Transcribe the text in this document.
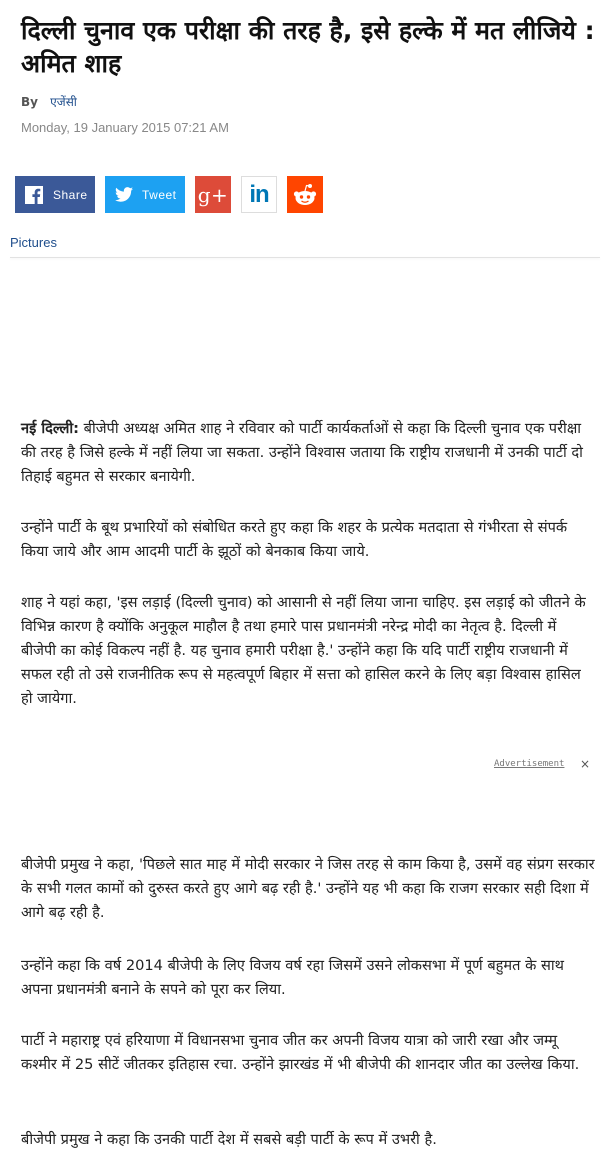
दिल्ली चुनाव एक परीक्षा की तरह है, इसे हल्के में मत लीजिये : अमित शाह
By एजेंसी
Monday, 19 January 2015 07:21 AM
Share	Tweet g+ in
Pictures

नई दिल्ली: बीजेपी अध्यक्ष अमित शाह ने रविवार को पार्टी कार्यकर्ताओं से कहा कि दिल्ली चुनाव एक परीक्षा की तरह है जिसे हल्के में नहीं लिया जा सकता. उन्होंने विश्वास जताया कि राष्ट्रीय राजधानी में उनकी पार्टी दो तिहाई बहुमत से सरकार बनायेगी.

उन्होंने पार्टी के बूथ प्रभारियों को संबोधित करते हुए कहा कि शहर के प्रत्येक मतदाता से गंभीरता से संपर्क किया जाये और आम आदमी पार्टी के झूठों को बेनकाब किया जाये.

शाह ने यहां कहा, 'इस लड़ाई (दिल्ली चुनाव) को आसानी से नहीं लिया जाना चाहिए. इस लड़ाई को जीतने के विभिन्न कारण है क्योंकि अनुकूल माहौल है तथा हमारे पास प्रधानमंत्री नरेन्द्र मोदी का नेतृत्व है. दिल्ली में बीजेपी का कोई विकल्प नहीं है. यह चुनाव हमारी परीक्षा है.' उन्होंने कहा कि यदि पार्टी राष्ट्रीय राजधानी में सफल रही तो उसे राजनीतिक रूप से महत्वपूर्ण बिहार में सत्ता को हासिल करने के लिए बड़ा विश्वास हासिल हो जायेगा.

Advertisement ×

बीजेपी प्रमुख ने कहा, 'पिछले सात माह में मोदी सरकार ने जिस तरह से काम किया है, उसमें वह संप्रग सरकार के सभी गलत कामों को दुरुस्त करते हुए आगे बढ़ रही है.' उन्होंने यह भी कहा कि राजग सरकार सही दिशा में आगे बढ़ रही है.

उन्होंने कहा कि वर्ष 2014 बीजेपी के लिए विजय वर्ष रहा जिसमें उसने लोकसभा में पूर्ण बहुमत के साथ अपना प्रधानमंत्री बनाने के सपने को पूरा कर लिया.

पार्टी ने महाराष्ट्र एवं हरियाणा में विधानसभा चुनाव जीत कर अपनी विजय यात्रा को जारी रखा और जम्मू कश्मीर में 25 सीटें जीतकर इतिहास रचा. उन्होंने झारखंड में भी बीजेपी की शानदार जीत का उल्लेख किया.

बीजेपी प्रमुख ने कहा कि उनकी पार्टी देश में सबसे बड़ी पार्टी के रूप में उभरी है.
